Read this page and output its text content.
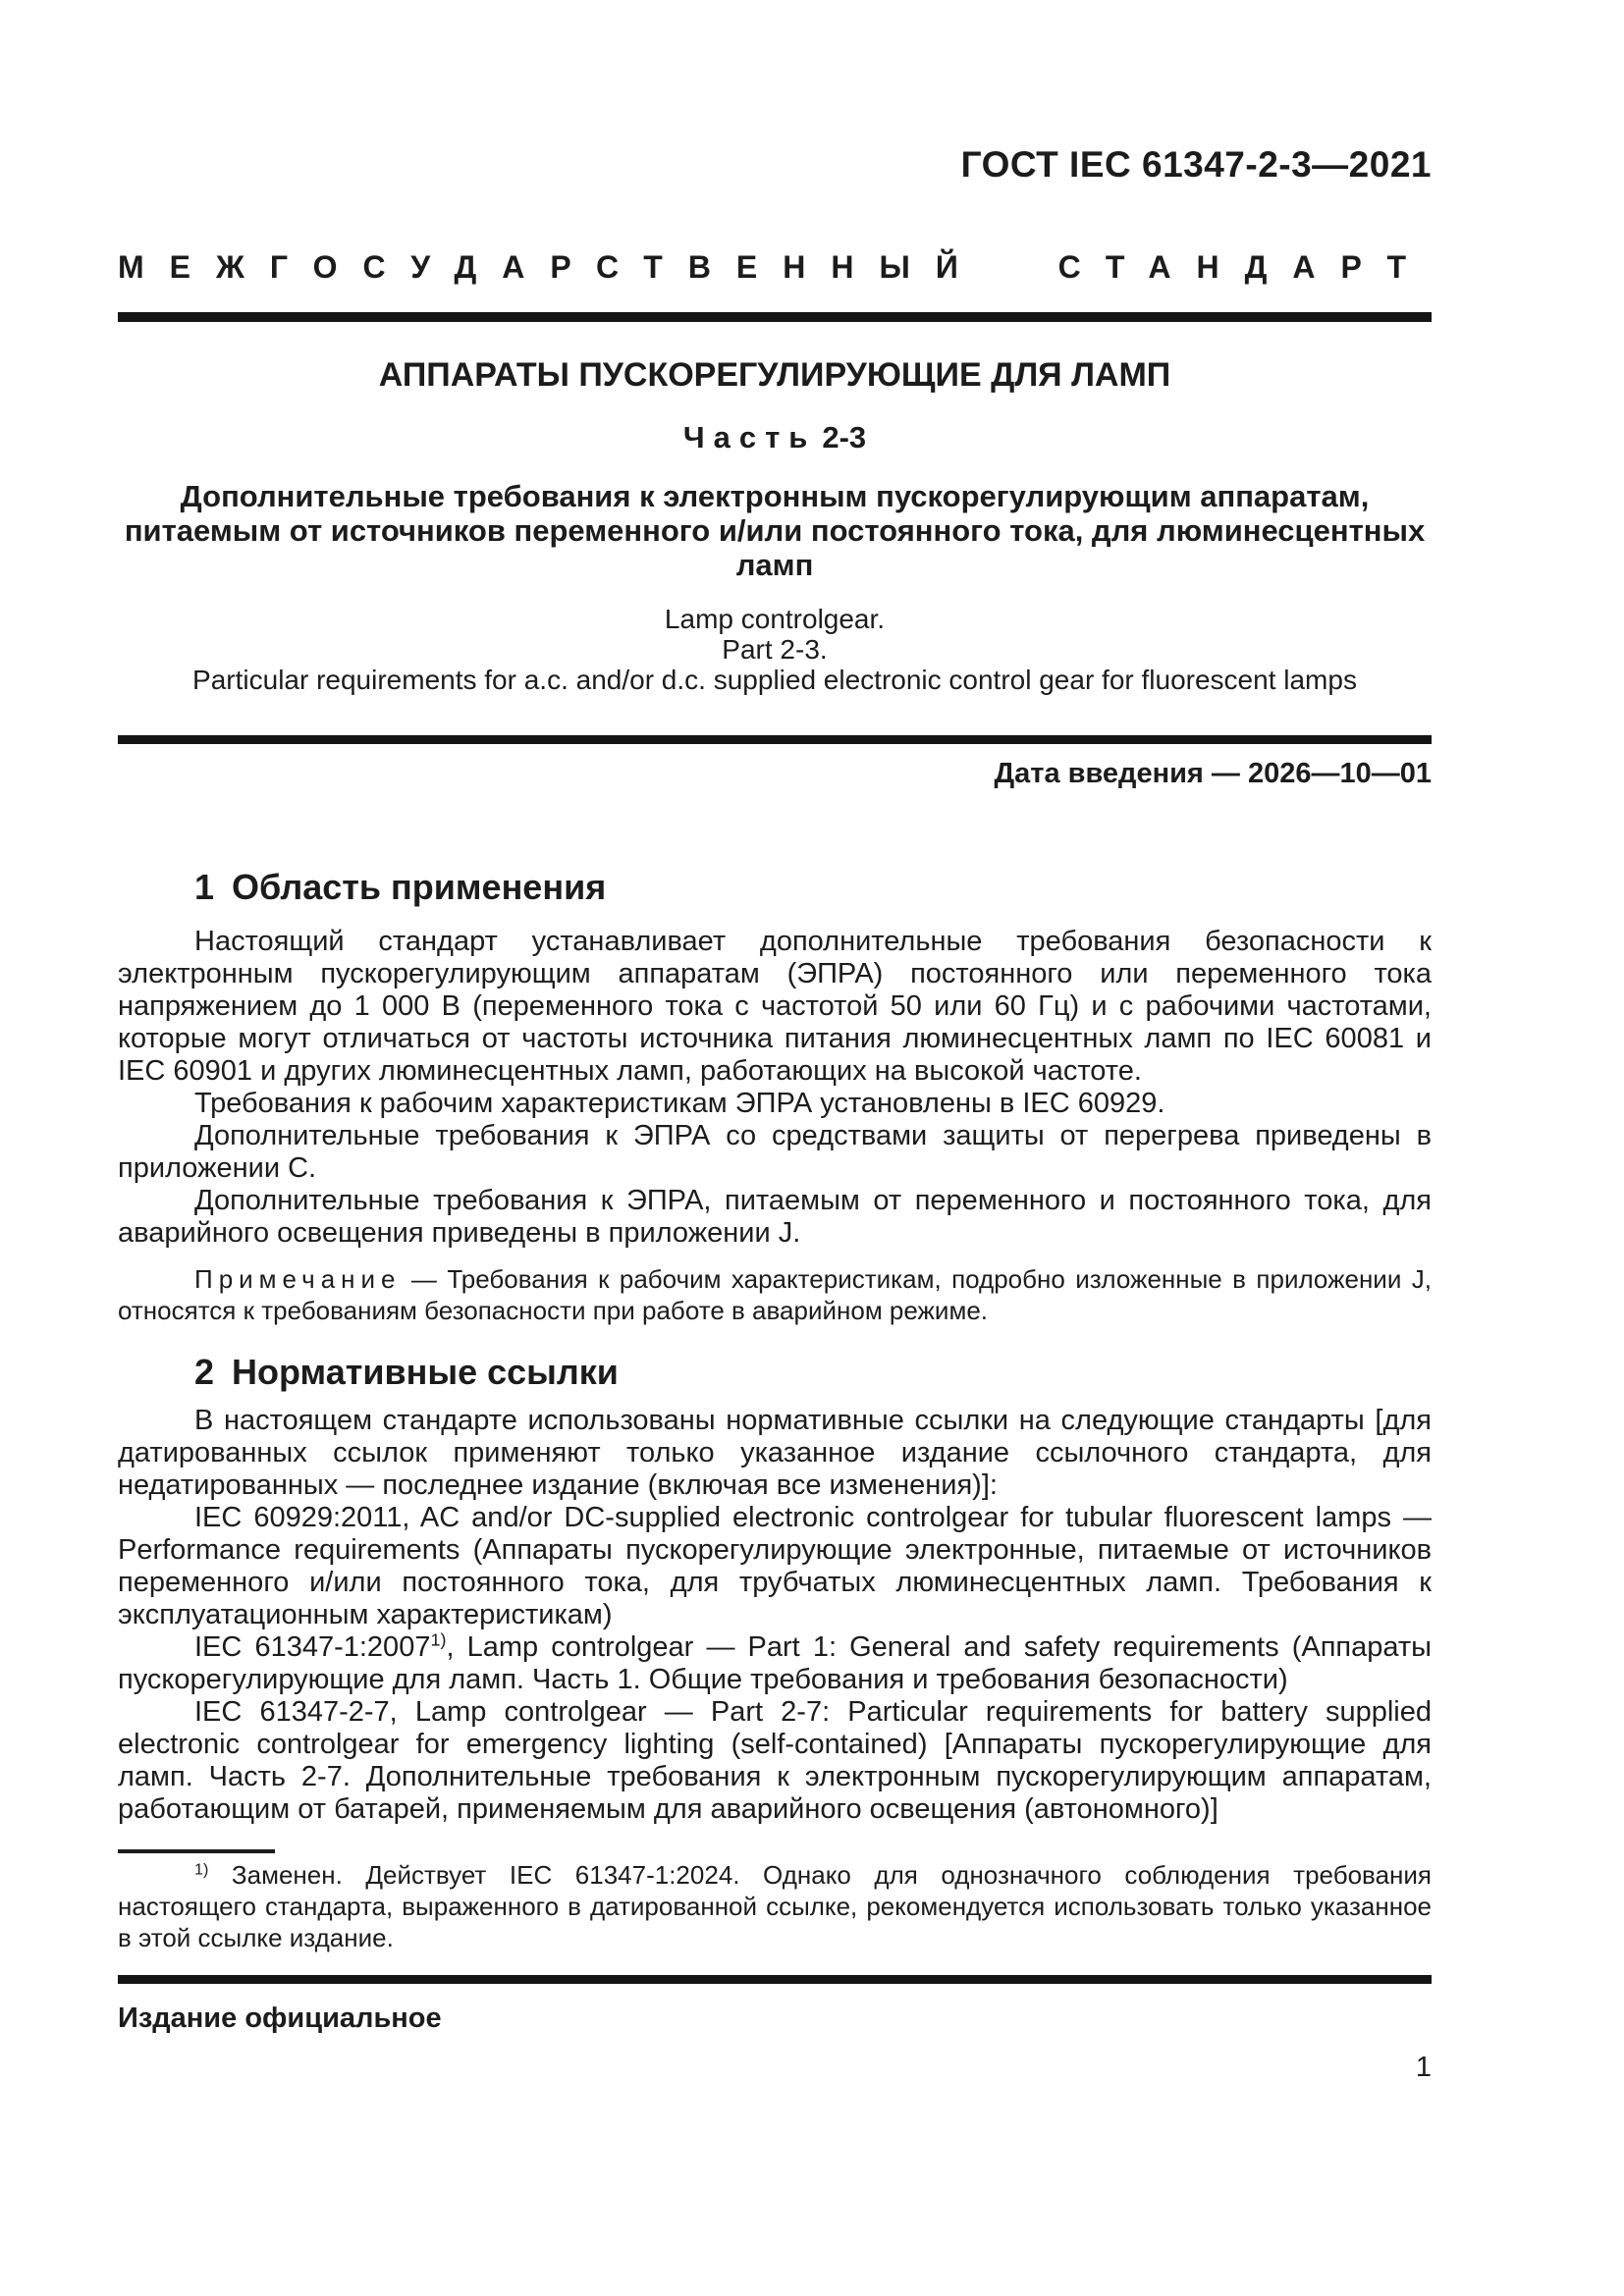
ГОСТ IEC 61347-2-3—2021
МЕЖГОСУДАРСТВЕННЫЙ СТАНДАРТ
АППАРАТЫ ПУСКОРЕГУЛИРУЮЩИЕ ДЛЯ ЛАМП
Часть 2-3
Дополнительные требования к электронным пускорегулирующим аппаратам,
питаемым от источников переменного и/или постоянного тока, для люминесцентных ламп
Lamp controlgear.
Part 2-3.
Particular requirements for a.c. and/or d.c. supplied electronic control gear for fluorescent lamps
Дата введения — 2026—10—01
1 Область применения

Настоящий стандарт устанавливает дополнительные требования безопасности к электронным пускорегулирующим аппаратам (ЭПРА) постоянного или переменного тока напряжением до 1 000 В (переменного тока с частотой 50 или 60 Гц) и с рабочими частотами, которые могут отличаться от частоты источника питания люминесцентных ламп по IEC 60081 и IEC 60901 и других люминесцентных ламп, работающих на высокой частоте.

Требования к рабочим характеристикам ЭПРА установлены в IEC 60929.

Дополнительные требования к ЭПРА со средствами защиты от перегрева приведены в приложении С.

Дополнительные требования к ЭПРА, питаемым от переменного и постоянного тока, для аварийного освещения приведены в приложении J.

Примечание — Требования к рабочим характеристикам, подробно изложенные в приложении J, относятся к требованиям безопасности при работе в аварийном режиме.

2 Нормативные ссылки

В настоящем стандарте использованы нормативные ссылки на следующие стандарты [для датированных ссылок применяют только указанное издание ссылочного стандарта, для недатированных — последнее издание (включая все изменения)]:

IEC 60929:2011, AC and/or DC-supplied electronic controlgear for tubular fluorescent lamps — Performance requirements (Аппараты пускорегулирующие электронные, питаемые от источников переменного и/или постоянного тока, для трубчатых люминесцентных ламп. Требования к эксплуатационным характеристикам)

IEC 61347-1:2007$^{1)}$, Lamp controlgear — Part 1: General and safety requirements (Аппараты пускорегулирующие для ламп. Часть 1. Общие требования и требования безопасности)

IEC 61347-2-7, Lamp controlgear — Part 2-7: Particular requirements for battery supplied electronic controlgear for emergency lighting (self-contained) [Аппараты пускорегулирующие для ламп. Часть 2-7. Дополнительные требования к электронным пускорегулирующим аппаратам, работающим от батарей, применяемым для аварийного освещения (автономного)]

$^{1)}$ Заменен. Действует IEC 61347-1:2024. Однако для однозначного соблюдения требования настоящего стандарта, выраженного в датированной ссылке, рекомендуется использовать только указанное в этой ссылке издание.

Издание официальное
1
